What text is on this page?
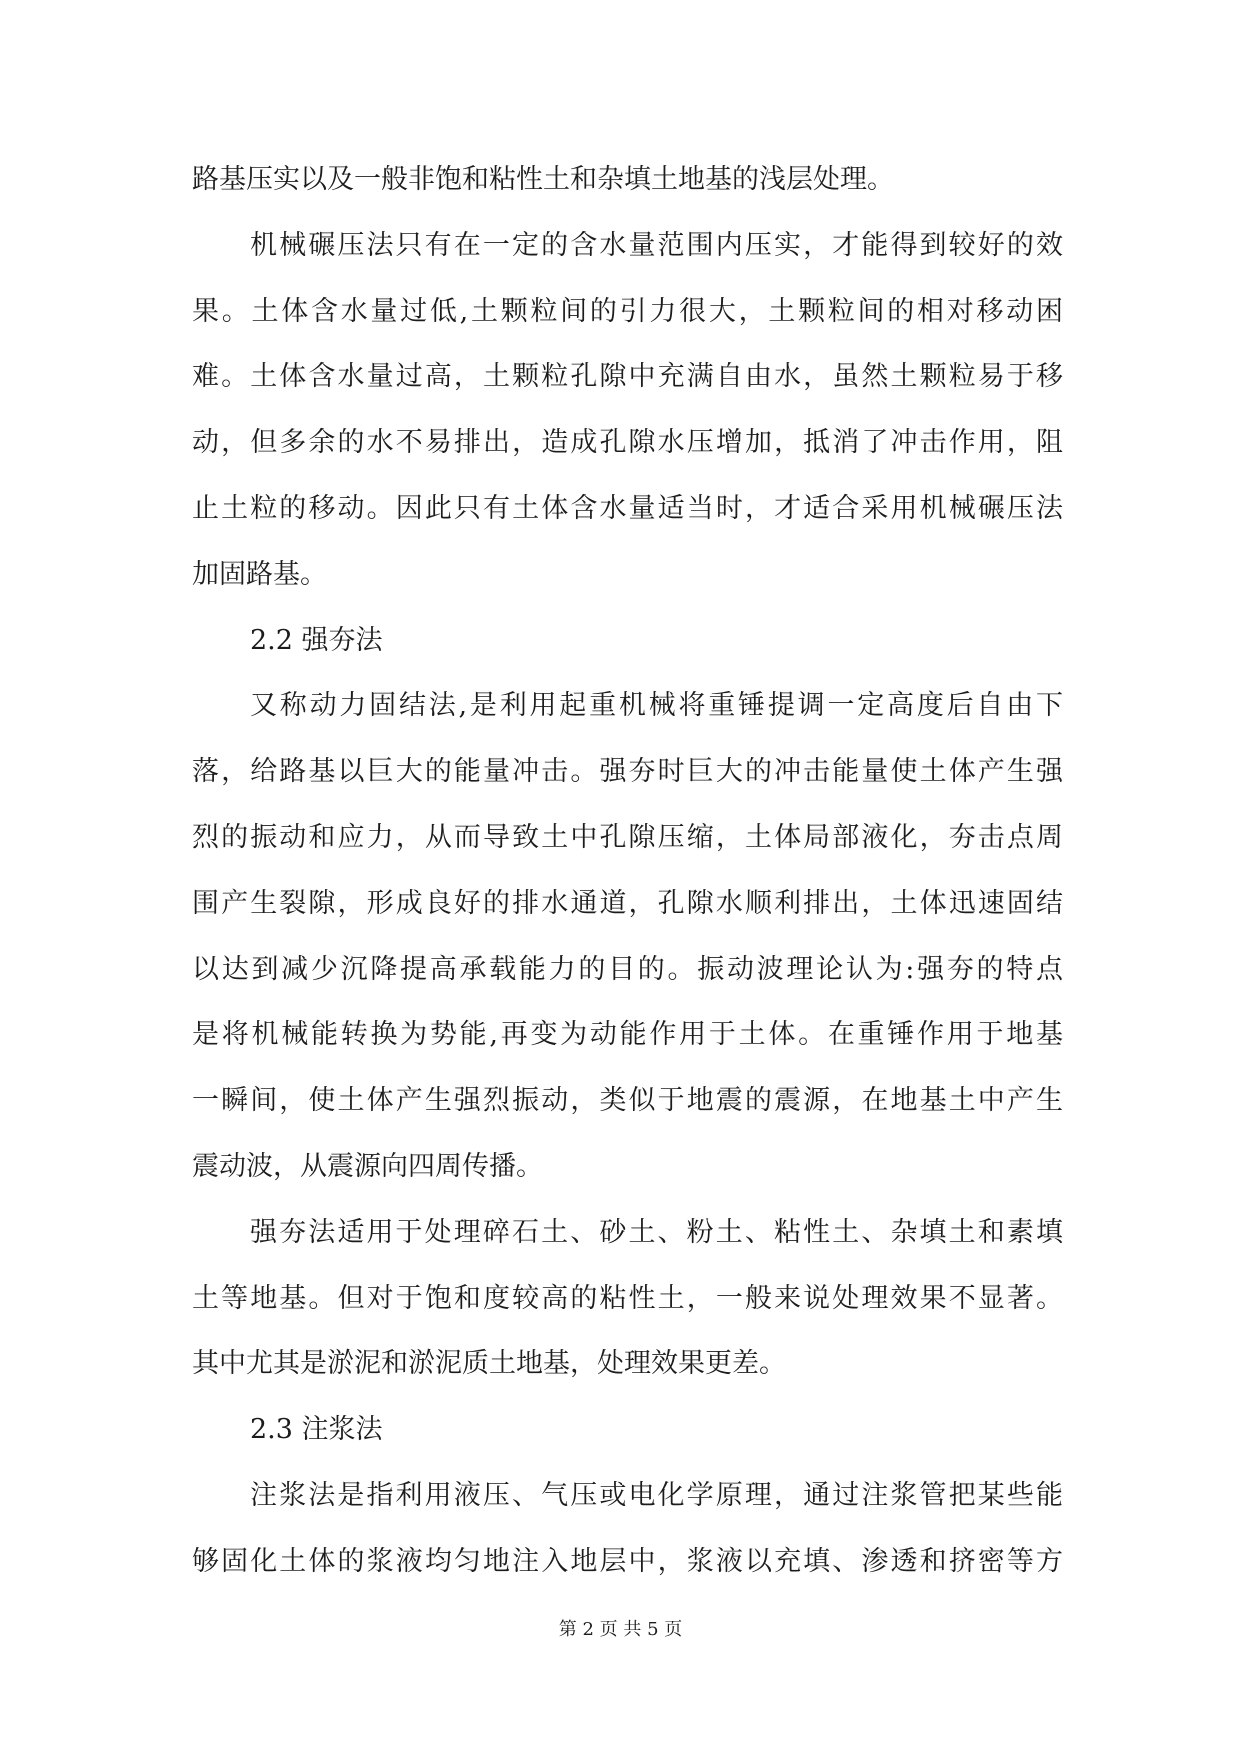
路基压实以及一般非饱和粘性土和杂填土地基的浅层处理。
机械碾压法只有在一定的含水量范围内压实，才能得到较好的效
果。土体含水量过低,土颗粒间的引力很大，土颗粒间的相对移动困
难。土体含水量过高，土颗粒孔隙中充满自由水，虽然土颗粒易于移
动，但多余的水不易排出，造成孔隙水压增加，抵消了冲击作用，阻
止土粒的移动。因此只有土体含水量适当时，才适合采用机械碾压法
加固路基。
2.2 强夯法
又称动力固结法,是利用起重机械将重锤提调一定高度后自由下
落，给路基以巨大的能量冲击。强夯时巨大的冲击能量使土体产生强
烈的振动和应力，从而导致土中孔隙压缩，土体局部液化，夯击点周
围产生裂隙，形成良好的排水通道，孔隙水顺利排出，土体迅速固结
以达到减少沉降提高承载能力的目的。振动波理论认为:强夯的特点
是将机械能转换为势能,再变为动能作用于土体。在重锤作用于地基
一瞬间，使土体产生强烈振动，类似于地震的震源，在地基土中产生
震动波，从震源向四周传播。
强夯法适用于处理碎石土、砂土、粉土、粘性土、杂填土和素填
土等地基。但对于饱和度较高的粘性土，一般来说处理效果不显著。
其中尤其是淤泥和淤泥质土地基，处理效果更差。
2.3 注浆法
注浆法是指利用液压、气压或电化学原理，通过注浆管把某些能
够固化土体的浆液均匀地注入地层中，浆液以充填、渗透和挤密等方
第 2 页 共 5 页
